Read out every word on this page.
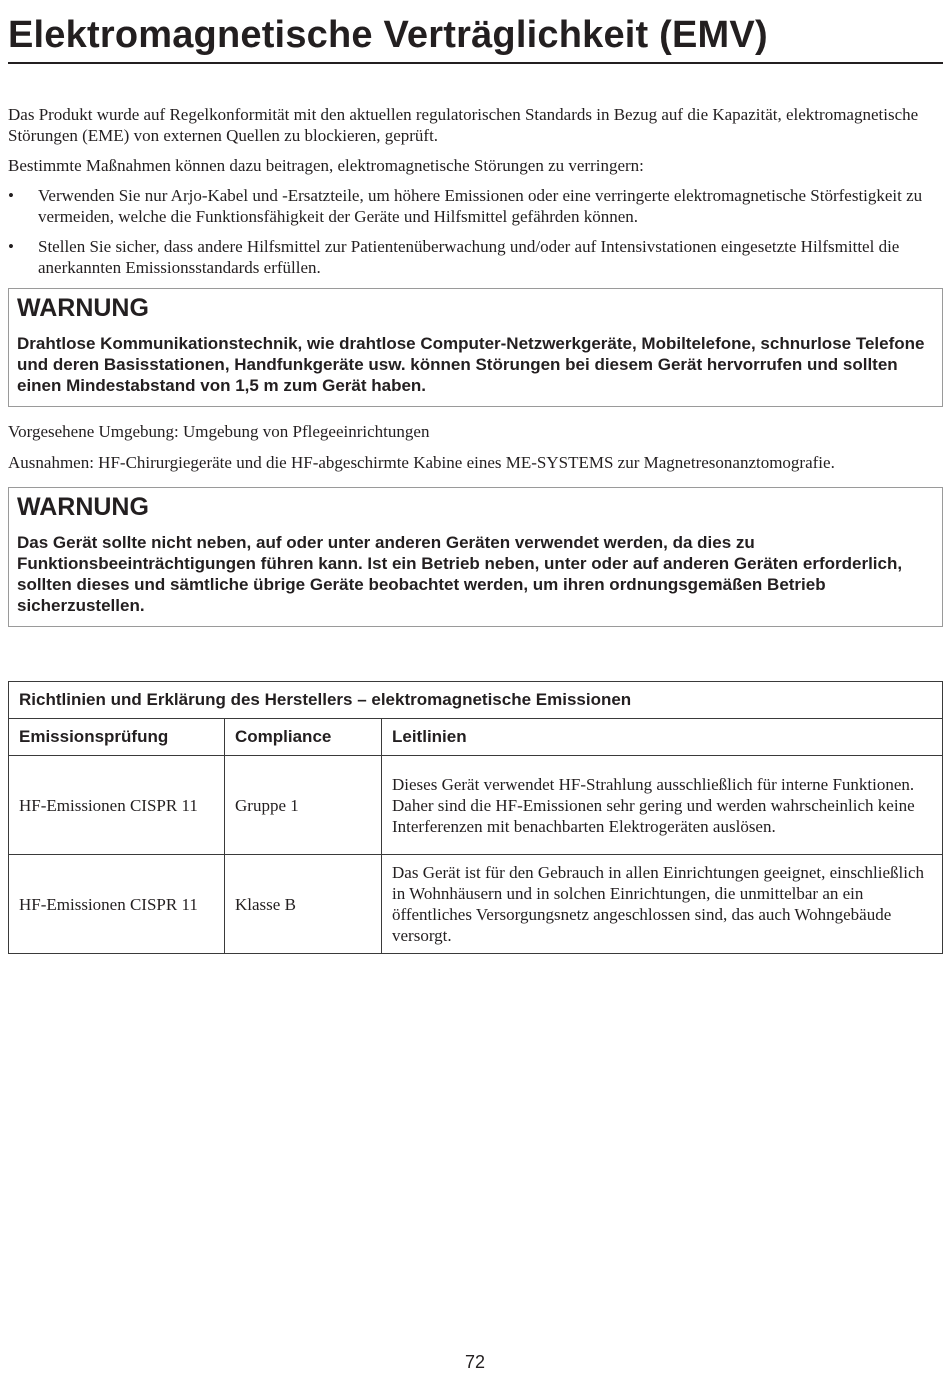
Elektromagnetische Verträglichkeit (EMV)

Das Produkt wurde auf Regelkonformität mit den aktuellen regulatorischen Standards in Bezug auf die Kapazität, elektromagnetische Störungen (EME) von externen Quellen zu blockieren, geprüft.

Bestimmte Maßnahmen können dazu beitragen, elektromagnetische Störungen zu verringern:

• Verwenden Sie nur Arjo-Kabel und -Ersatzteile, um höhere Emissionen oder eine verringerte elektromagnetische Störfestigkeit zu vermeiden, welche die Funktionsfähigkeit der Geräte und Hilfsmittel gefährden können.
• Stellen Sie sicher, dass andere Hilfsmittel zur Patientenüberwachung und/oder auf Intensivstationen eingesetzte Hilfsmittel die anerkannten Emissionsstandards erfüllen.
WARNUNG
Drahtlose Kommunikationstechnik, wie drahtlose Computer-Netzwerkgeräte, Mobiltelefone, schnurlose Telefone und deren Basisstationen, Handfunkgeräte usw. können Störungen bei diesem Gerät hervorrufen und sollten einen Mindestabstand von 1,5 m zum Gerät haben.

Vorgesehene Umgebung: Umgebung von Pflegeeinrichtungen

Ausnahmen: HF-Chirurgiegeräte und die HF-abgeschirmte Kabine eines ME-SYSTEMS zur Magnetresonanztomografie.

WARNUNG
Das Gerät sollte nicht neben, auf oder unter anderen Geräten verwendet werden, da dies zu Funktionsbeeinträchtigungen führen kann. Ist ein Betrieb neben, unter oder auf anderen Geräten erforderlich, sollten dieses und sämtliche übrige Geräte beobachtet werden, um ihren ordnungsgemäßen Betrieb sicherzustellen.
Richtlinien und Erklärung des Herstellers – elektromagnetische Emissionen		
Emissionsprüfung	Compliance	Leitlinien
HF-Emissionen CISPR 11	Gruppe 1	Dieses Gerät verwendet HF-Strahlung ausschließlich für interne Funktionen. Daher sind die HF-Emissionen sehr gering und werden wahrscheinlich keine Interferenzen mit benachbarten Elektrogeräten auslösen.
HF-Emissionen CISPR 11	Klasse B	Das Gerät ist für den Gebrauch in allen Einrichtungen geeignet, einschließlich in Wohnhäusern und in solchen Einrichtungen, die unmittelbar an ein öffentliches Versorgungsnetz angeschlossen sind, das auch Wohngebäude versorgt.
72
